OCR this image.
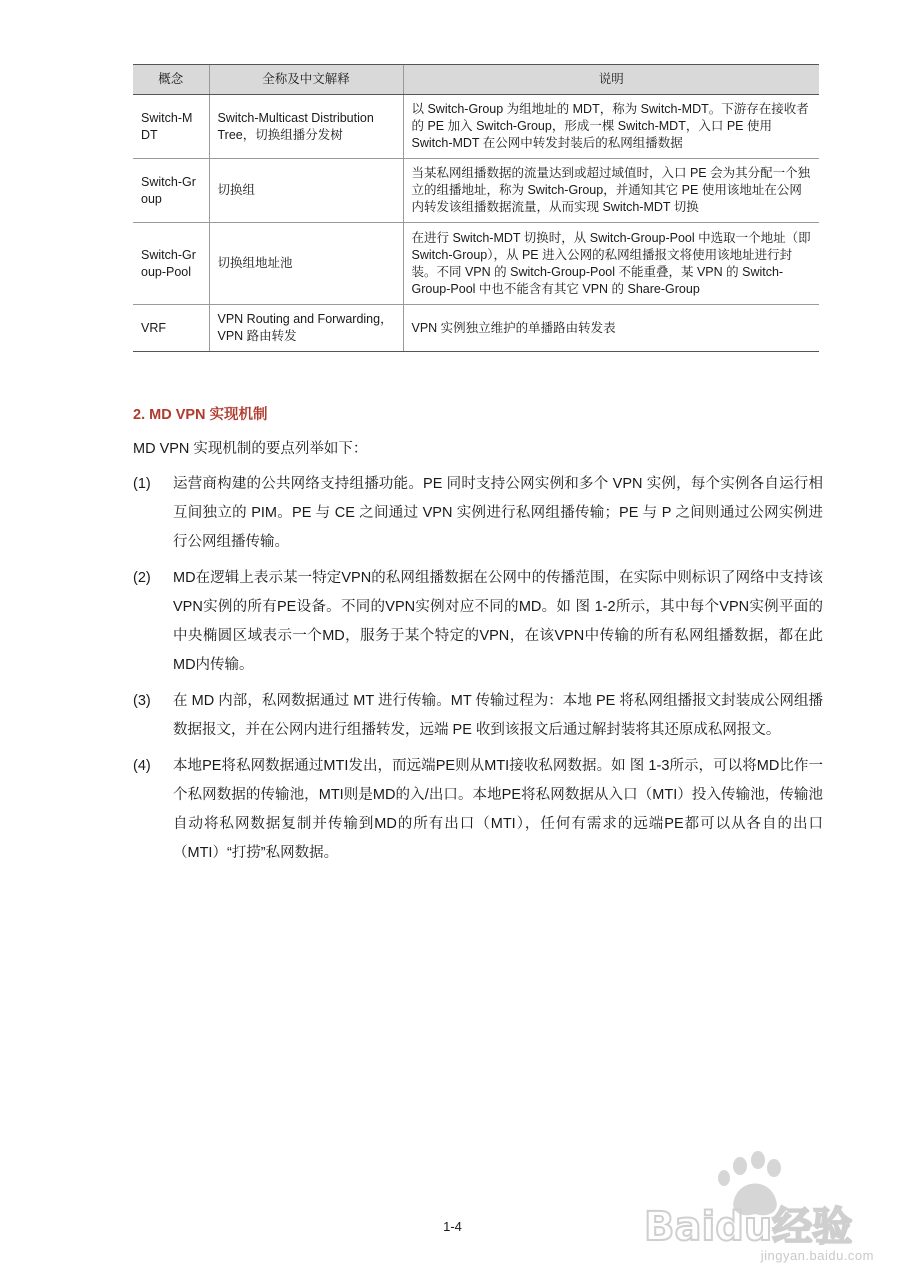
概念	全称及中文解释	说明
Switch-MDT	Switch-Multicast Distribution Tree，切换组播分发树	以 Switch-Group 为组地址的 MDT，称为 Switch-MDT。下游存在接收者的 PE 加入 Switch-Group，形成一棵 Switch-MDT，入口 PE 使用 Switch-MDT 在公网中转发封装后的私网组播数据
Switch-Group	切换组	当某私网组播数据的流量达到或超过域值时，入口 PE 会为其分配一个独立的组播地址，称为 Switch-Group，并通知其它 PE 使用该地址在公网内转发该组播数据流量，从而实现 Switch-MDT 切换
Switch-Group-Pool	切换组地址池	在进行 Switch-MDT 切换时，从 Switch-Group-Pool 中选取一个地址（即 Switch-Group），从 PE 进入公网的私网组播报文将使用该地址进行封装。不同 VPN 的 Switch-Group-Pool 不能重叠，某 VPN 的 Switch-Group-Pool 中也不能含有其它 VPN 的 Share-Group
VRF	VPN Routing and Forwarding，VPN 路由转发	VPN 实例独立维护的单播路由转发表
2. MD VPN 实现机制

MD VPN 实现机制的要点列举如下：

(1) 运营商构建的公共网络支持组播功能。PE 同时支持公网实例和多个 VPN 实例，每个实例各自运行相互间独立的 PIM。PE 与 CE 之间通过 VPN 实例进行私网组播传输；PE 与 P 之间则通过公网实例进行公网组播传输。
(2) MD在逻辑上表示某一特定VPN的私网组播数据在公网中的传播范围，在实际中则标识了网络中支持该VPN实例的所有PE设备。不同的VPN实例对应不同的MD。如 图 1-2所示，其中每个VPN实例平面的中央椭圆区域表示一个MD，服务于某个特定的VPN，在该VPN中传输的所有私网组播数据，都在此MD内传输。
(3) 在 MD 内部，私网数据通过 MT 进行传输。MT 传输过程为：本地 PE 将私网组播报文封装成公网组播数据报文，并在公网内进行组播转发，远端 PE 收到该报文后通过解封装将其还原成私网报文。
(4) 本地PE将私网数据通过MTI发出，而远端PE则从MTI接收私网数据。如 图 1-3所示，可以将MD比作一个私网数据的传输池，MTI则是MD的入/出口。本地PE将私网数据从入口（MTI）投入传输池，传输池自动将私网数据复制并传输到MD的所有出口（MTI），任何有需求的远端PE都可以从各自的出口（MTI）“打捞”私网数据。

1-4	Baidu经验
jingyan.baidu.com
